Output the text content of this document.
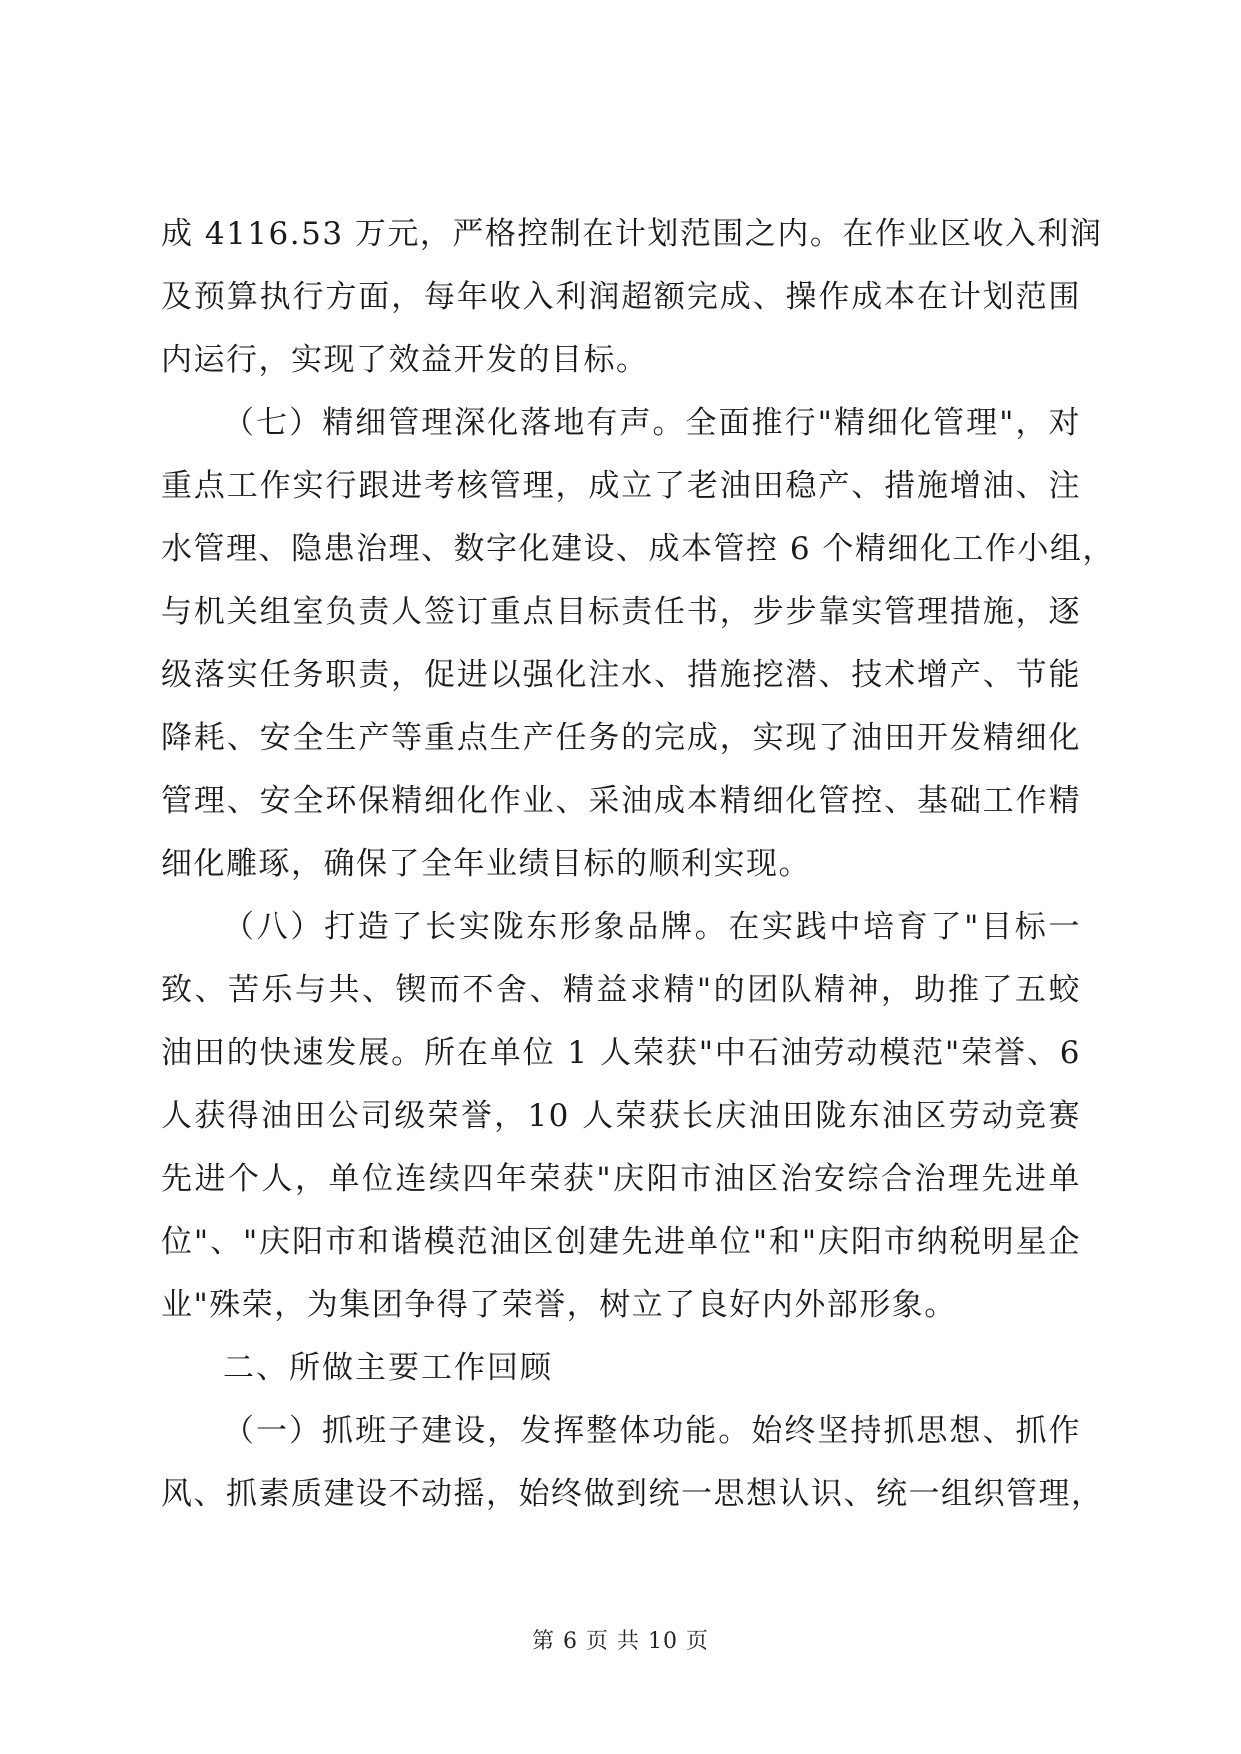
成 4116.53 万元，严格控制在计划范围之内。在作业区收入利润
及预算执行方面，每年收入利润超额完成、操作成本在计划范围
内运行，实现了效益开发的目标。
（七）精细管理深化落地有声。全面推行"精细化管理"，对
重点工作实行跟进考核管理，成立了老油田稳产、措施增油、注
水管理、隐患治理、数字化建设、成本管控 6 个精细化工作小组，
与机关组室负责人签订重点目标责任书，步步靠实管理措施，逐
级落实任务职责，促进以强化注水、措施挖潜、技术增产、节能
降耗、安全生产等重点生产任务的完成，实现了油田开发精细化
管理、安全环保精细化作业、采油成本精细化管控、基础工作精
细化雕琢，确保了全年业绩目标的顺利实现。
（八）打造了长实陇东形象品牌。在实践中培育了"目标一
致、苦乐与共、锲而不舍、精益求精"的团队精神，助推了五蛟
油田的快速发展。所在单位 1 人荣获"中石油劳动模范"荣誉、6
人获得油田公司级荣誉，10 人荣获长庆油田陇东油区劳动竞赛
先进个人，单位连续四年荣获"庆阳市油区治安综合治理先进单
位"、"庆阳市和谐模范油区创建先进单位"和"庆阳市纳税明星企
业"殊荣，为集团争得了荣誉，树立了良好内外部形象。
二、所做主要工作回顾
（一）抓班子建设，发挥整体功能。始终坚持抓思想、抓作
风、抓素质建设不动摇，始终做到统一思想认识、统一组织管理，
第 6 页 共 10 页
